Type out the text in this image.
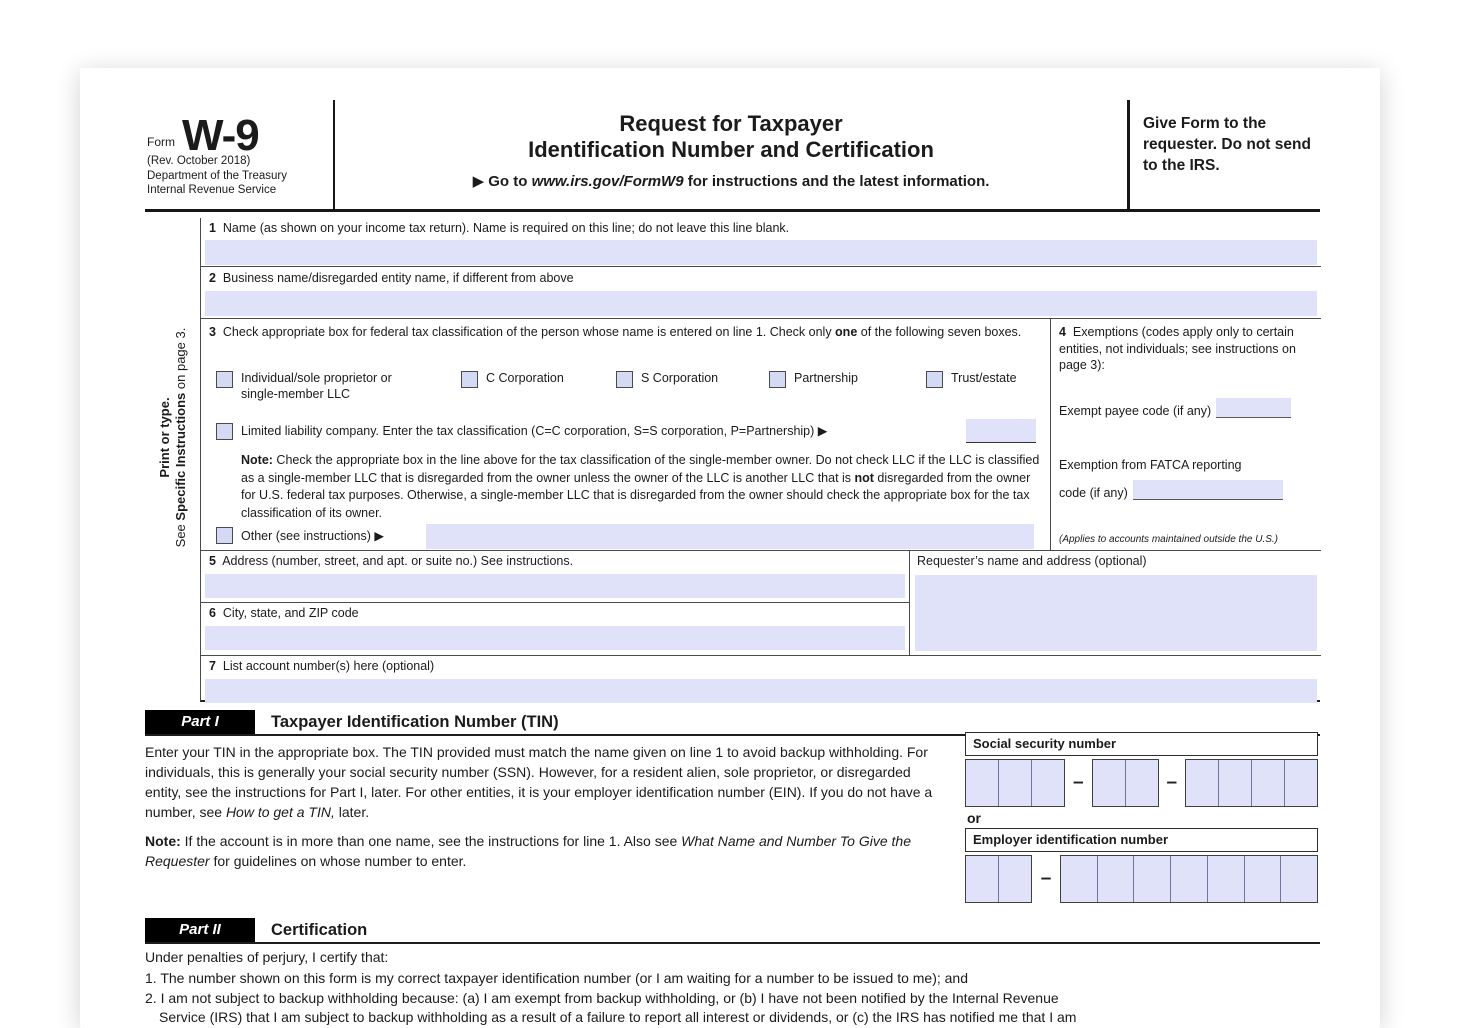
Form W-9
(Rev. October 2018)
Department of the Treasury
Internal Revenue Service
Request for Taxpayer
Identification Number and Certification
▶ Go to www.irs.gov/FormW9 for instructions and the latest information.
Give Form to the requester. Do not send to the IRS.
Print or type.
See Specific Instructions on page 3.
1  Name (as shown on your income tax return). Name is required on this line; do not leave this line blank.
2  Business name/disregarded entity name, if different from above
3  Check appropriate box for federal tax classification of the person whose name is entered on line 1. Check only one of the following seven boxes.
Individual/sole proprietor or single-member LLC
C Corporation	S Corporation	Partnership	Trust/estate
Limited liability company. Enter the tax classification (C=C corporation, S=S corporation, P=Partnership) ▶
Note: Check the appropriate box in the line above for the tax classification of the single-member owner. Do not check LLC if the LLC is classified as a single-member LLC that is disregarded from the owner unless the owner of the LLC is another LLC that is not disregarded from the owner for U.S. federal tax purposes. Otherwise, a single-member LLC that is disregarded from the owner should check the appropriate box for the tax classification of its owner.
Other (see instructions) ▶
4  Exemptions (codes apply only to certain entities, not individuals; see instructions on page 3):
Exempt payee code (if any)
Exemption from FATCA reporting
code (if any)
(Applies to accounts maintained outside the U.S.)
5  Address (number, street, and apt. or suite no.) See instructions.
6  City, state, and ZIP code
Requester’s name and address (optional)
7  List account number(s) here (optional)
Part I	Taxpayer Identification Number (TIN)
Enter your TIN in the appropriate box. The TIN provided must match the name given on line 1 to avoid backup withholding. For individuals, this is generally your social security number (SSN). However, for a resident alien, sole proprietor, or disregarded entity, see the instructions for Part I, later. For other entities, it is your employer identification number (EIN). If you do not have a number, see How to get a TIN, later.
Note: If the account is in more than one name, see the instructions for line 1. Also see What Name and Number To Give the Requester for guidelines on whose number to enter.
Social security number
–	–
or
Employer identification number
–
Part II	Certification
Under penalties of perjury, I certify that:
1. The number shown on this form is my correct taxpayer identification number (or I am waiting for a number to be issued to me); and
2. I am not subject to backup withholding because: (a) I am exempt from backup withholding, or (b) I have not been notified by the Internal Revenue
Service (IRS) that I am subject to backup withholding as a result of a failure to report all interest or dividends, or (c) the IRS has notified me that I am
